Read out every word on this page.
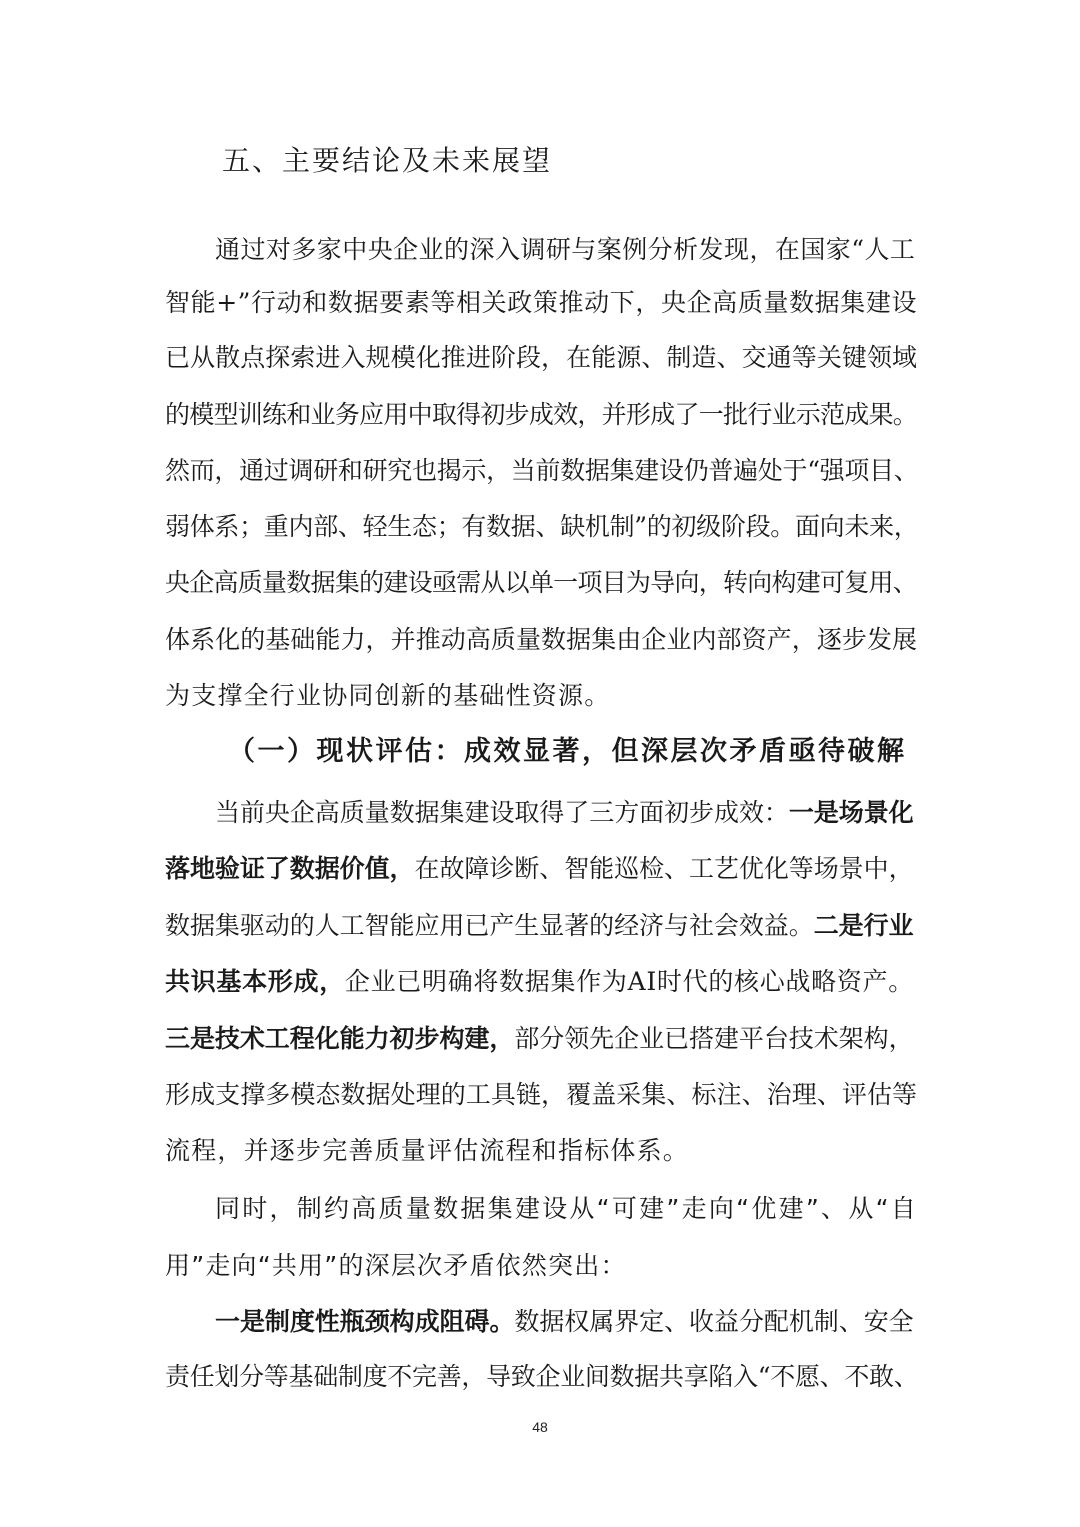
五、主要结论及未来展望
通过对多家中央企业的深入调研与案例分析发现，在国家“人工
智能+”行动和数据要素等相关政策推动下，央企高质量数据集建设
已从散点探索进入规模化推进阶段，在能源、制造、交通等关键领域
的模型训练和业务应用中取得初步成效，并形成了一批行业示范成果。
然而，通过调研和研究也揭示，当前数据集建设仍普遍处于“强项目、
弱体系；重内部、轻生态；有数据、缺机制”的初级阶段。面向未来，
央企高质量数据集的建设亟需从以单一项目为导向，转向构建可复用、
体系化的基础能力，并推动高质量数据集由企业内部资产，逐步发展
为支撑全行业协同创新的基础性资源。
（一）现状评估：成效显著，但深层次矛盾亟待破解
当前央企高质量数据集建设取得了三方面初步成效：一是场景化
落地验证了数据价值，在故障诊断、智能巡检、工艺优化等场景中，
数据集驱动的人工智能应用已产生显著的经济与社会效益。二是行业
共识基本形成，企业已明确将数据集作为AI时代的核心战略资产。
三是技术工程化能力初步构建，部分领先企业已搭建平台技术架构，
形成支撑多模态数据处理的工具链，覆盖采集、标注、治理、评估等
流程，并逐步完善质量评估流程和指标体系。
同时，制约高质量数据集建设从“可建”走向“优建”、从“自
用”走向“共用”的深层次矛盾依然突出：
一是制度性瓶颈构成阻碍。数据权属界定、收益分配机制、安全
责任划分等基础制度不完善，导致企业间数据共享陷入“不愿、不敢、
48
